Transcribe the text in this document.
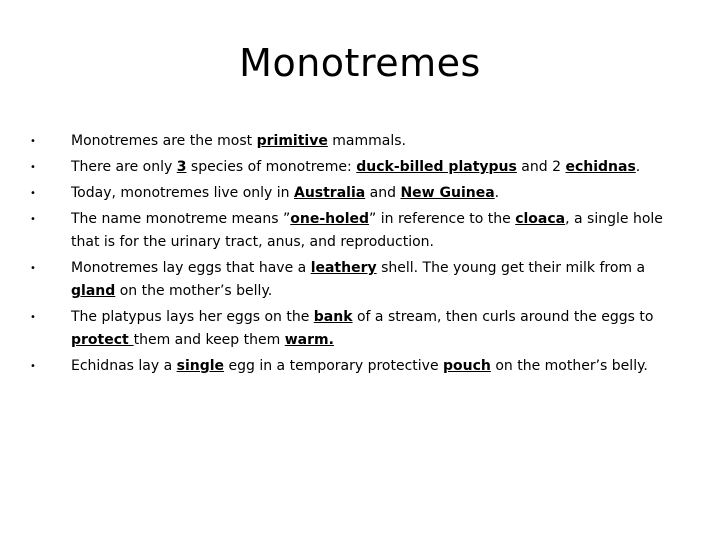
Monotremes
•	Monotremes are the most primitive mammals.
•	There are only 3 species of monotreme: duck-billed platypus and 2 echidnas.
•	Today, monotremes live only in Australia and New Guinea.
•	The name monotreme means ”one-holed” in reference to the cloaca, a single hole that is for the urinary tract, anus, and reproduction.
•	Monotremes lay eggs that have a leathery shell. The young get their milk from a gland on the mother’s belly.
•	The platypus lays her eggs on the bank of a stream, then curls around the eggs to protect them and keep them warm.
•	Echidnas lay a single egg in a temporary protective pouch on the mother’s belly.
